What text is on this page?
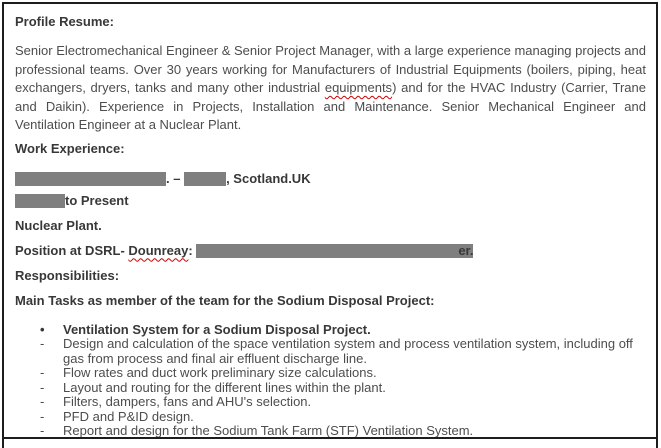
Profile Resume:

Senior Electromechanical Engineer & Senior Project Manager, with a large experience managing projects and professional teams. Over 30 years working for Manufacturers of Industrial Equipments (boilers, piping, heat exchangers, dryers, tanks and many other industrial equipments) and for the HVAC Industry (Carrier, Trane and Daikin). Experience in Projects, Installation and Maintenance. Senior Mechanical Engineer and Ventilation Engineer at a Nuclear Plant.

Work Experience:

. –	, Scotland.UK
to Present

Nuclear Plant.

Position at DSRL- Dounreay:	er.

Responsibilities:

Main Tasks as member of the team for the Sodium Disposal Project:

• Ventilation System for a Sodium Disposal Project.
- Design and calculation of the space ventilation system and process ventilation system, including off gas from process and final air effluent discharge line.
- Flow rates and duct work preliminary size calculations.
- Layout and routing for the different lines within the plant.
- Filters, dampers, fans and AHU's selection.
- PFD and P&ID design.
- Report and design for the Sodium Tank Farm (STF) Ventilation System.
